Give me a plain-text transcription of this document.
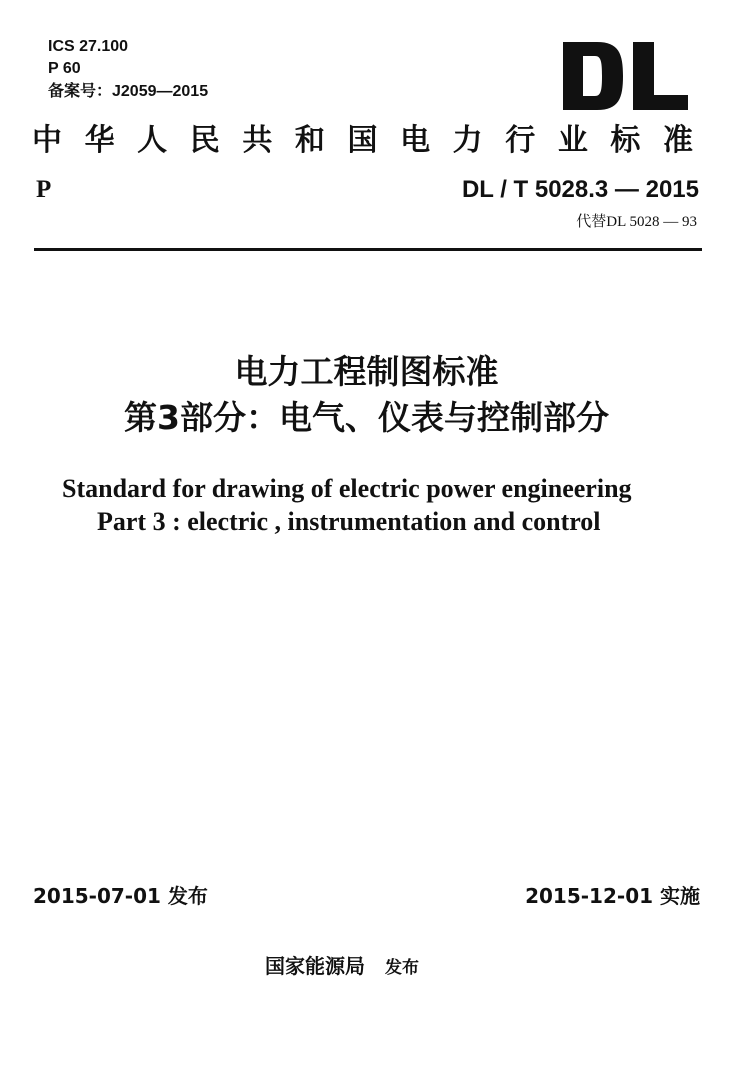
ICS 27.100
P 60
备案号：J2059—2015
中华人民共和国电力行业标准
P	DL / T 5028.3 — 2015
代替DL 5028 — 93
电力工程制图标准
第3部分：电气、仪表与控制部分
Standard for drawing of electric power engineering
Part 3 : electric , instrumentation and control
2015-07-01 发布	2015-12-01 实施
国家能源局 发布
